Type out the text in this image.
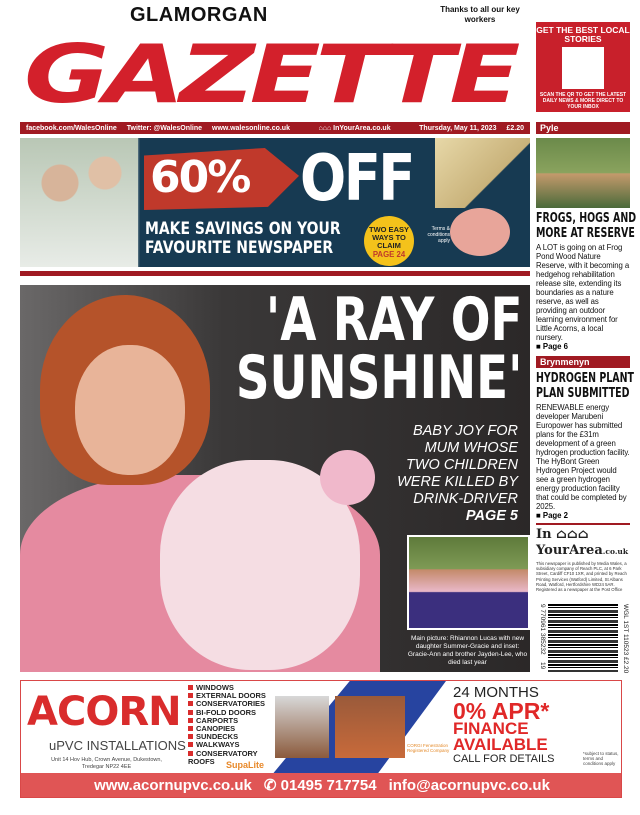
GAZETTE
GLAMORGAN	Thanks to all our key workers
facebook.com/WalesOnline Twitter: @WalesOnline www.walesonline.co.uk	⌂⌂⌂ InYourArea.co.uk	Thursday, May 11, 2023 £2.20
60% OFF
MAKE SAVINGS ON YOUR
FAVOURITE NEWSPAPER
TWO EASY WAYS TO CLAIM
PAGE 24
Terms & conditions apply
'A RAY OF
SUNSHINE'
BABY JOY FOR
MUM WHOSE
TWO CHILDREN
WERE KILLED BY
DRINK-DRIVER
PAGE 5
Main picture: Rhiannon Lucas with new daughter Summer-Gracie and inset: Gracie-Ann and brother Jayden-Lee, who died last year
GET THE BEST LOCAL STORIES
SCAN THE QR TO GET THE LATEST DAILY NEWS & MORE DIRECT TO YOUR INBOX
Pyle
FROGS, HOGS AND
MORE AT RESERVE
A LOT is going on at Frog Pond Wood Nature Reserve, with it becoming a hedgehog rehabilitation release site, extending its boundaries as a nature reserve, as well as providing an outdoor learning environment for Little Acorns, a local nursery.
■ Page 6
Brynmenyn
HYDROGEN PLANT
PLAN SUBMITTED
RENEWABLE energy developer Marubeni Europower has submitted plans for the £31m development of a green hydrogen production facility. The HyBont Green Hydrogen Project would see a green hydrogen energy production facility that could be completed by 2025.
■ Page 2
In ⌂⌂⌂
YourArea.co.uk
This newspaper is published by Media Wales, a subsidiary company of Reach PLC, at 6 Park Street, Cardiff CF10 1XR, and printed by Reach Printing Services (Watford) Limited, St Albans Road, Watford, Hertfordshire WD24 5AR. Registered as a newspaper at the Post Office
9 770961 385232	WGL 1ST 110523 £2.20
19
ACORN
uPVC INSTALLATIONS
Unit 14 Hov Hub, Crown Avenue, Dukestown, Tredegar NP22 4EE
WINDOWS
EXTERNAL DOORS
CONSERVATORIES
BI-FOLD DOORS
CARPORTS
CANOPIES
SUNDECKS
WALKWAYS
CONSERVATORY ROOFS	SupaLite
CORGI Fenestration Registered Company
24 MONTHS
0% APR*
FINANCE
AVAILABLE
CALL FOR DETAILS	*subject to status, terms and conditions apply
www.acornupvc.co.uk ✆ 01495 717754 info@acornupvc.co.uk
